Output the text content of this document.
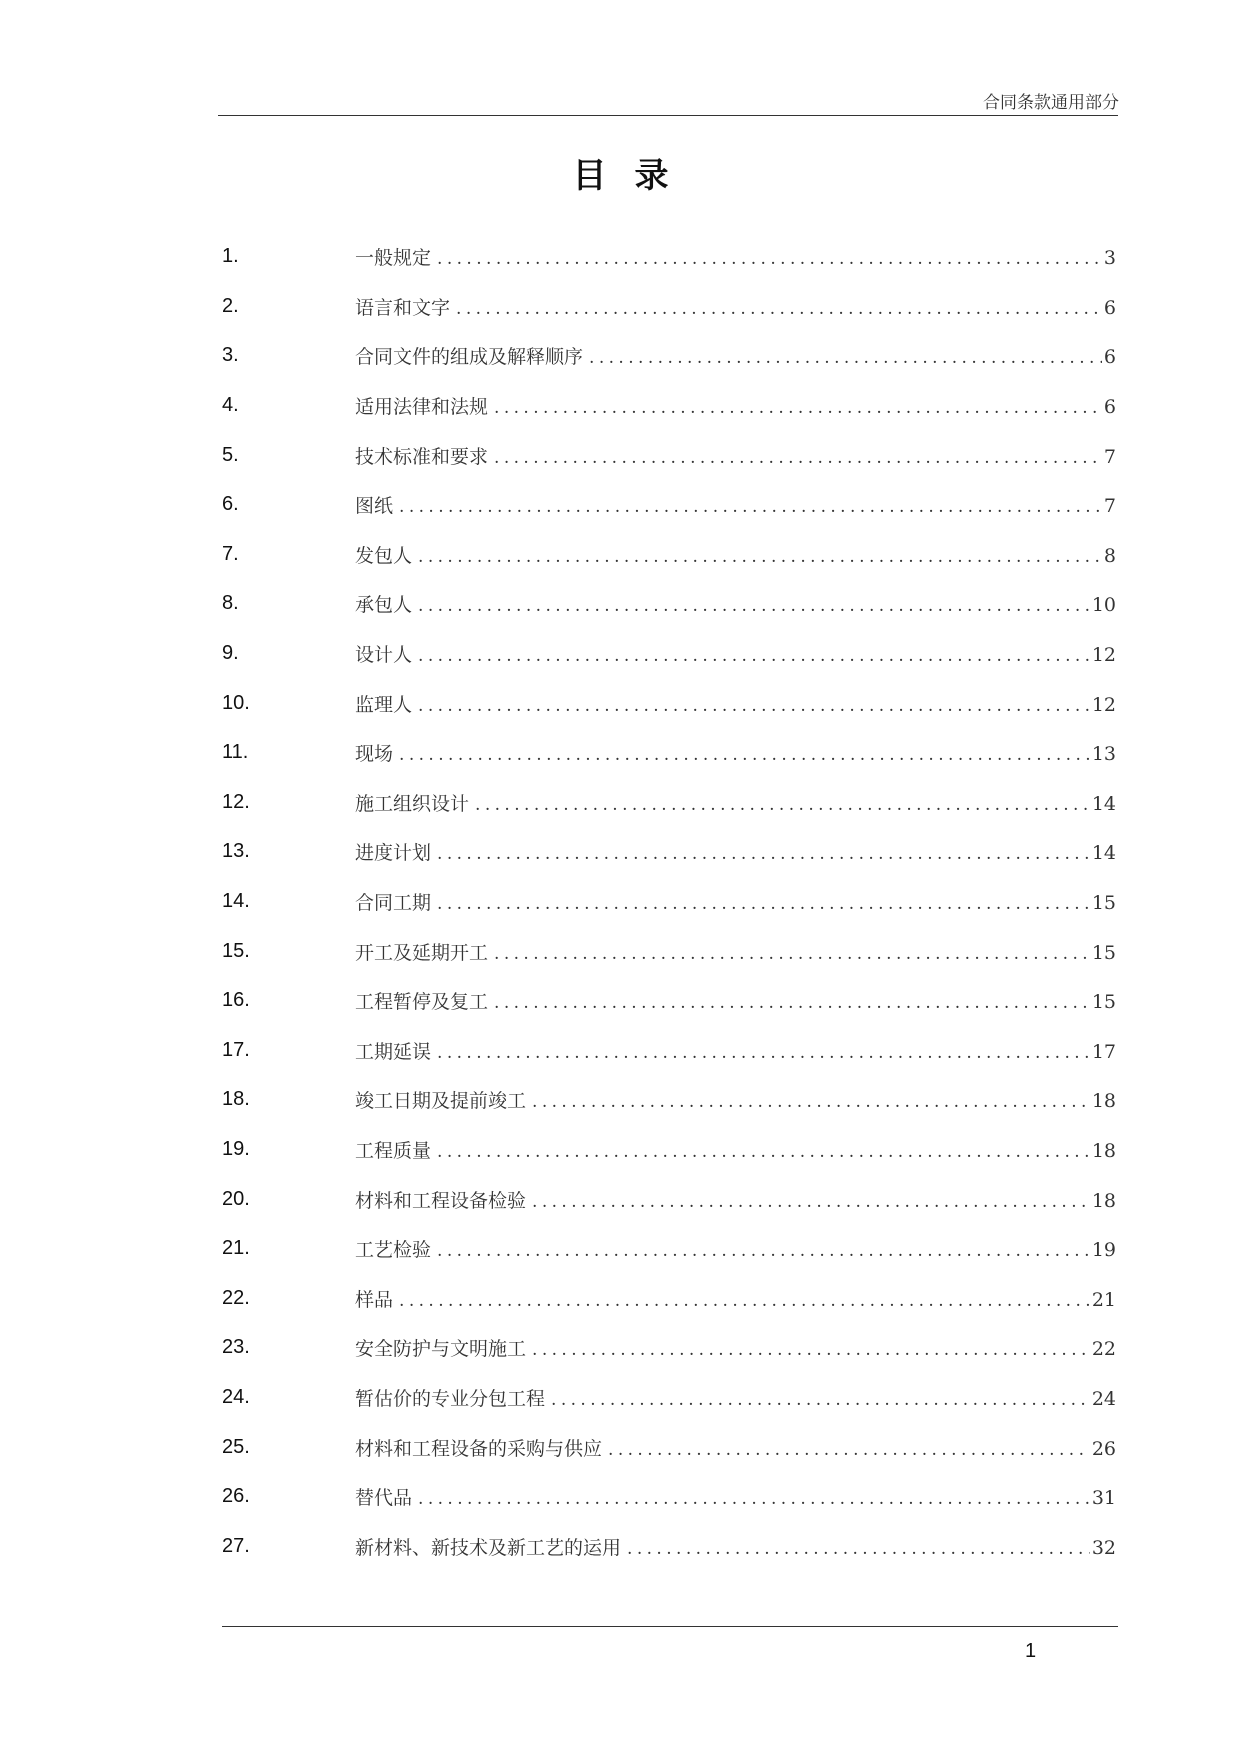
合同条款通用部分
目录
1.	一般规定 .....	3
2.	语言和文字 .....	6
3.	合同文件的组成及解释顺序 .....	6
4.	适用法律和法规 .....	6
5.	技术标准和要求 .....	7
6.	图纸 .....	7
7.	发包人 .....	8
8.	承包人 .....	10
9.	设计人 .....	12
10.	监理人 .....	12
11.	现场 .....	13
12.	施工组织设计 .....	14
13.	进度计划 .....	14
14.	合同工期 .....	15
15.	开工及延期开工 .....	15
16.	工程暂停及复工 .....	15
17.	工期延误 .....	17
18.	竣工日期及提前竣工 .....	18
19.	工程质量 .....	18
20.	材料和工程设备检验 .....	18
21.	工艺检验 .....	19
22.	样品 .....	21
23.	安全防护与文明施工 .....	22
24.	暂估价的专业分包工程 .....	24
25.	材料和工程设备的采购与供应 .....	26
26.	替代品 .....	31
27.	新材料、新技术及新工艺的运用 .....	32
1
